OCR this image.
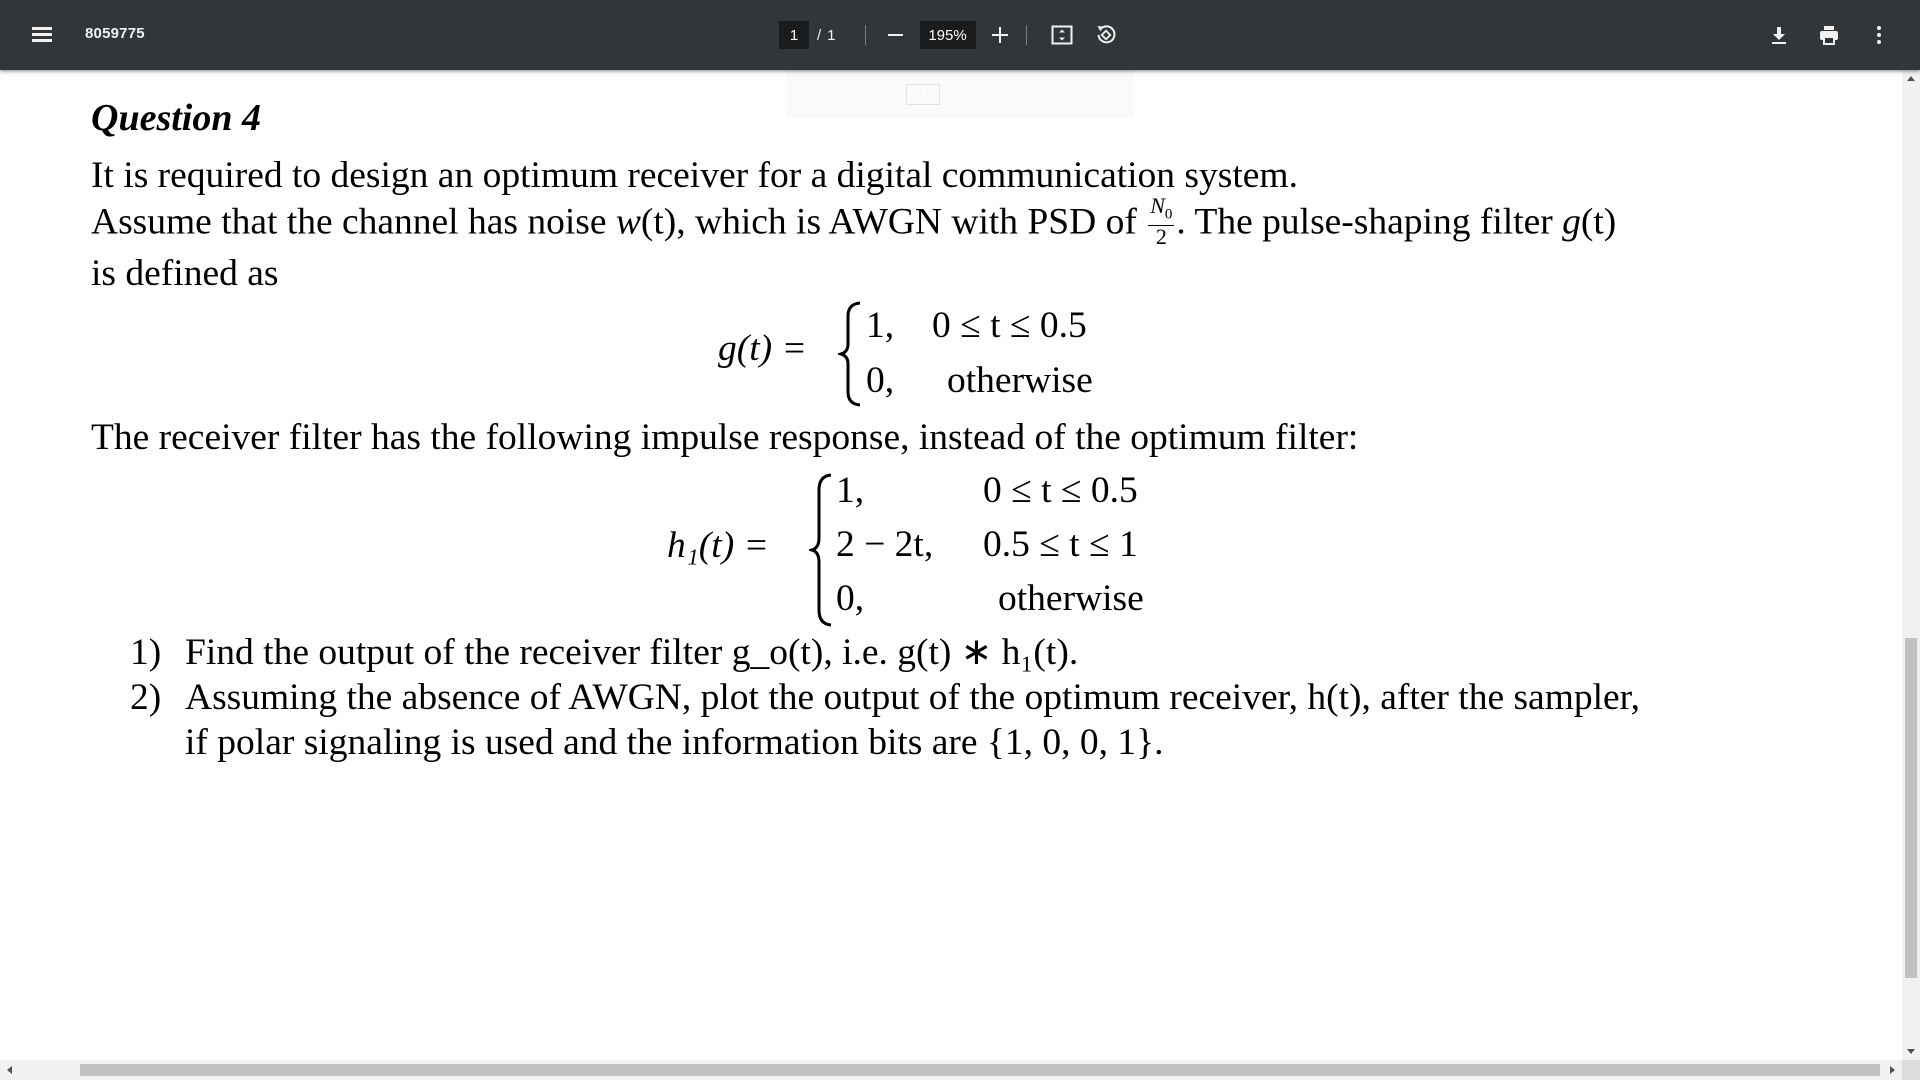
8059775
1	/ 1
195%
Press F11 to exit full screen
Question 4
It is required to design an optimum receiver for a digital communication system.
Assume that the channel has noise w(t), which is AWGN with PSD of $\frac{N_0}{2}$ . The pulse-shaping filter g(t)
is defined as
g(t) =
1, 0 ≤ t ≤ 0.5
0, otherwise
The receiver filter has the following impulse response, instead of the optimum filter:
h₁(t) =
1,	0 ≤ t ≤ 0.5
2 − 2t, 0.5 ≤ t ≤ 1
0,	otherwise
1) Find the output of the receiver filter g_o(t), i.e. g(t) ∗ h₁(t).
2) Assuming the absence of AWGN, plot the output of the optimum receiver, h(t), after the sampler,
if polar signaling is used and the information bits are {1, 0, 0, 1}.
